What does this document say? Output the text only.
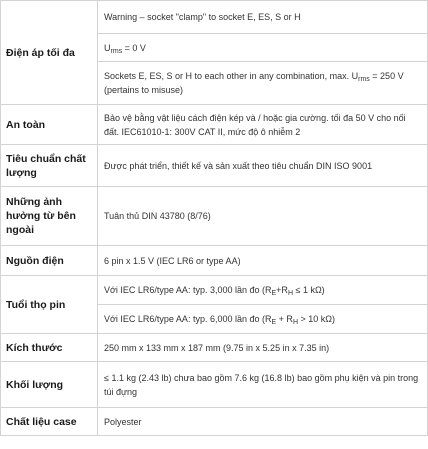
Điện áp tối đa	Warning – socket "clamp" to socket E, ES, S or H
	$U_{rms} = 0$ V
	Sockets E, ES, S or H to each other in any combination, max. $U_{rms} = 250$ V (pertains to misuse)
An toàn	Bảo vệ bằng vật liệu cách điện kép và / hoặc gia cường. tối đa 50 V cho nối đất. IEC61010-1: 300V CAT II, mức độ ô nhiễm 2
Tiêu chuẩn chất lượng	Được phát triển, thiết kế và sản xuất theo tiêu chuẩn DIN ISO 9001
Những ảnh hưởng từ bên ngoài	Tuân thủ DIN 43780 (8/76)
Nguồn điện	6 pin x 1.5 V (IEC LR6 or type AA)
Tuổi thọ pin	Với IEC LR6/type AA: typ. 3,000 lần đo ($R_E+R_H \le 1$ kΩ)
	Với IEC LR6/type AA: typ. 6,000 lần đo ($R_E + R_H > 10$ kΩ)
Kích thước	250 mm x 133 mm x 187 mm (9.75 in x 5.25 in x 7.35 in)
Khối lượng	≤ 1.1 kg (2.43 lb) chưa bao gồm 7.6 kg (16.8 lb) bao gồm phụ kiện và pin trong túi đựng
Chất liệu case	Polyester
